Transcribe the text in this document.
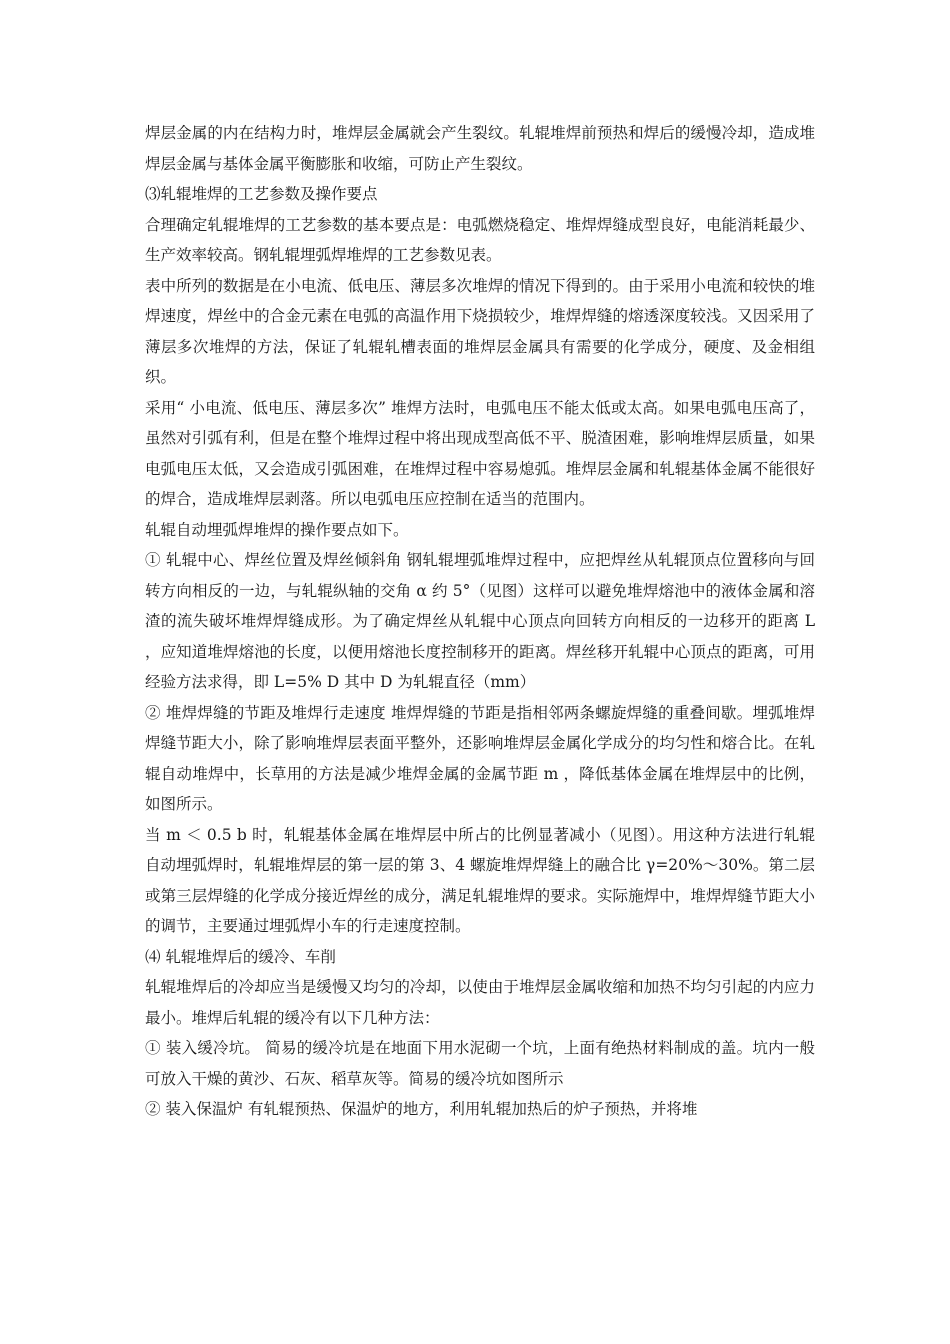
焊层金属的内在结构力时，堆焊层金属就会产生裂纹。轧辊堆焊前预热和焊后的缓慢冷却，造成堆焊层金属与基体金属平衡膨胀和收缩，可防止产生裂纹。

⑶轧辊堆焊的工艺参数及操作要点

合理确定轧辊堆焊的工艺参数的基本要点是：电弧燃烧稳定、堆焊焊缝成型良好，电能消耗最少、生产效率较高。钢轧辊埋弧焊堆焊的工艺参数见表。

表中所列的数据是在小电流、低电压、薄层多次堆焊的情况下得到的。由于采用小电流和较快的堆焊速度，焊丝中的合金元素在电弧的高温作用下烧损较少，堆焊焊缝的熔透深度较浅。又因采用了薄层多次堆焊的方法，保证了轧辊轧槽表面的堆焊层金属具有需要的化学成分，硬度、及金相组织。

采用“ 小电流、低电压、薄层多次” 堆焊方法时，电弧电压不能太低或太高。如果电弧电压高了，虽然对引弧有利，但是在整个堆焊过程中将出现成型高低不平、脱渣困难，影响堆焊层质量，如果电弧电压太低，又会造成引弧困难，在堆焊过程中容易熄弧。堆焊层金属和轧辊基体金属不能很好的焊合，造成堆焊层剥落。所以电弧电压应控制在适当的范围内。

轧辊自动埋弧焊堆焊的操作要点如下。

① 轧辊中心、焊丝位置及焊丝倾斜角 钢轧辊埋弧堆焊过程中，应把焊丝从轧辊顶点位置移向与回转方向相反的一边，与轧辊纵轴的交角 α 约 5°（见图）这样可以避免堆焊熔池中的液体金属和溶渣的流失破坏堆焊焊缝成形。为了确定焊丝从轧辊中心顶点向回转方向相反的一边移开的距离 L ，应知道堆焊熔池的长度，以便用熔池长度控制移开的距离。焊丝移开轧辊中心顶点的距离，可用经验方法求得，即 L=5% D 其中 D 为轧辊直径（mm）

② 堆焊焊缝的节距及堆焊行走速度 堆焊焊缝的节距是指相邻两条螺旋焊缝的重叠间歇。埋弧堆焊焊缝节距大小，除了影响堆焊层表面平整外，还影响堆焊层金属化学成分的均匀性和熔合比。在轧辊自动堆焊中，长草用的方法是减少堆焊金属的金属节距 m ，降低基体金属在堆焊层中的比例，如图所示。

当 m ＜ 0.5 b 时，轧辊基体金属在堆焊层中所占的比例显著减小（见图）。用这种方法进行轧辊自动埋弧焊时，轧辊堆焊层的第一层的第 3、4 螺旋堆焊焊缝上的融合比 γ=20%～30%。第二层或第三层焊缝的化学成分接近焊丝的成分，满足轧辊堆焊的要求。实际施焊中，堆焊焊缝节距大小的调节，主要通过埋弧焊小车的行走速度控制。

⑷ 轧辊堆焊后的缓冷、车削

轧辊堆焊后的冷却应当是缓慢又均匀的冷却，以使由于堆焊层金属收缩和加热不均匀引起的内应力最小。堆焊后轧辊的缓冷有以下几种方法：

① 装入缓冷坑。 简易的缓冷坑是在地面下用水泥砌一个坑，上面有绝热材料制成的盖。坑内一般可放入干燥的黄沙、石灰、稻草灰等。简易的缓冷坑如图所示

② 装入保温炉 有轧辊预热、保温炉的地方，利用轧辊加热后的炉子预热，并将堆
